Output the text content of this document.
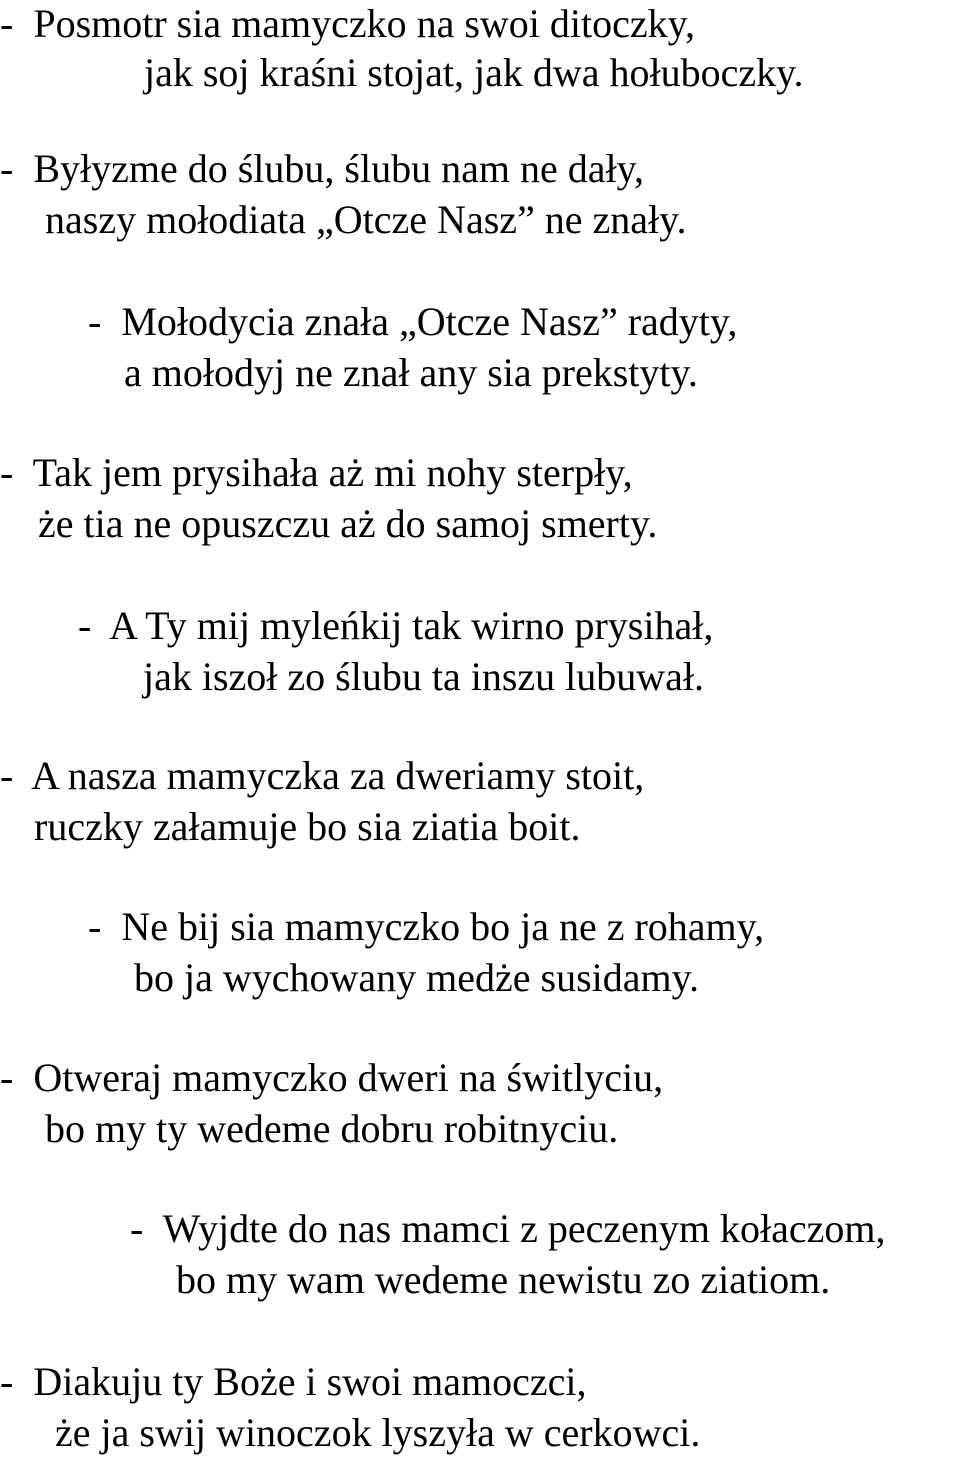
-  Posmotr sia mamyczko na swoi ditoczky,
jak soj kraśni stojat, jak dwa hołuboczky.
-  Byłyzme do ślubu, ślubu nam ne dały,
naszy mołodiata „Otcze Nasz” ne znały.
-  Mołodycia znała „Otcze Nasz” radyty,
a mołodyj ne znał any sia prekstyty.
-  Tak jem prysihała aż mi nohy sterpły,
że tia ne opuszczu aż do samoj smerty.
-  A Ty mij myleńkij tak wirno prysihał,
jak iszoł zo ślubu ta inszu lubuwał.
-  A nasza mamyczka za dweriamy stoit,
ruczky załamuje bo sia ziatia boit.
-  Ne bij sia mamyczko bo ja ne z rohamy,
bo ja wychowany medże susidamy.
-  Otweraj mamyczko dweri na świtlyciu,
bo my ty wedeme dobru robitnyciu.
-  Wyjdte do nas mamci z peczenym kołaczom,
bo my wam wedeme newistu zo ziatiom.
-  Diakuju ty Boże i swoi mamoczci,
że ja swij winoczok lyszyła w cerkowci.
